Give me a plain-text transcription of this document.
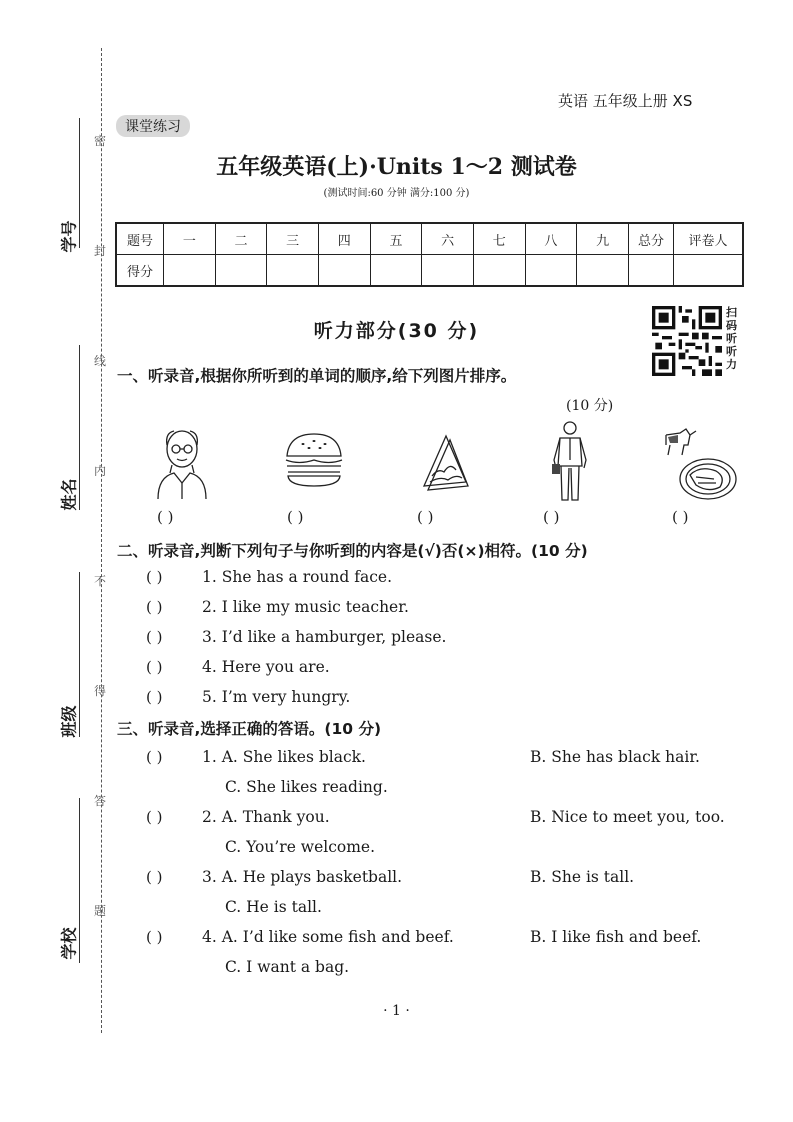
学号
姓名
班级
学校
密
封
线
内
不
得
答
题
英语 五年级上册 XS
课堂练习
五年级英语(上)·Units 1～2 测试卷
(测试时间:60 分钟 满分:100 分)
题号	一	二	三	四	五	六	七	八	九	总分	评卷人
得分											
听力部分(30 分)
扫码听听力
一、听录音,根据你所听到的单词的顺序,给下列图片排序。
(10 分)
( )	( )	( )	( )	( )
二、听录音,判断下列句子与你听到的内容是(√)否(×)相符。(10 分)
( )	1. She has a round face.
( )	2. I like my music teacher.
( )	3. I’d like a hamburger, please.
( )	4. Here you are.
( )	5. I’m very hungry.
三、听录音,选择正确的答语。(10 分)
( )	1. A. She likes black.	B. She has black hair.
C. She likes reading.
( )	2. A. Thank you.	B. Nice to meet you, too.
C. You’re welcome.
( )	3. A. He plays basketball.	B. She is tall.
C. He is tall.
( )	4. A. I’d like some fish and beef.	B. I like fish and beef.
C. I want a bag.
· 1 ·
